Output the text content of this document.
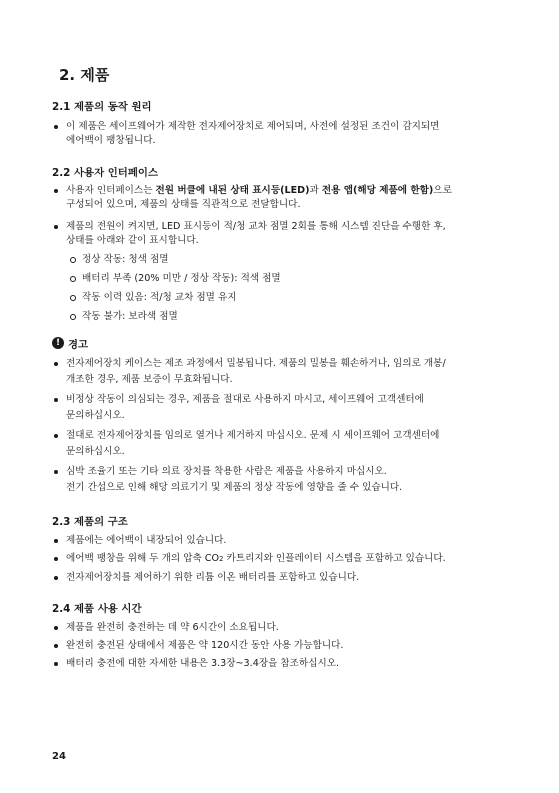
2. 제품
2.1 제품의 동작 원리
이 제품은 세이프웨어가 제작한 전자제어장치로 제어되며, 사전에 설정된 조건이 감지되면
에어백이 팽창됩니다.
2.2 사용자 인터페이스
사용자 인터페이스는 전원 버클에 내된 상태 표시등(LED)과 전용 앱(해당 제품에 한함)으로
구성되어 있으며, 제품의 상태를 직관적으로 전달합니다.
제품의 전원이 켜지면, LED 표시등이 적/청 교차 점멸 2회를 통해 시스템 진단을 수행한 후,
상태를 아래와 같이 표시합니다.
정상 작동: 청색 점멸
배터리 부족 (20% 미만 / 정상 작동): 적색 점멸
작동 이력 있음: 적/청 교차 점멸 유지
작동 불가: 보라색 점멸
! 경고
전자제어장치 케이스는 제조 과정에서 밀봉됩니다. 제품의 밀봉을 훼손하거나, 임의로 개봉/
개조한 경우, 제품 보증이 무효화됩니다.
비정상 작동이 의심되는 경우, 제품을 절대로 사용하지 마시고, 세이프웨어 고객센터에
문의하십시오.
절대로 전자제어장치를 임의로 열거나 제거하지 마십시오. 문제 시 세이프웨어 고객센터에
문의하십시오.
심박 조율기 또는 기타 의료 장치를 착용한 사람은 제품을 사용하지 마십시오.
전기 간섭으로 인해 해당 의료기기 및 제품의 정상 작동에 영향을 줄 수 있습니다.
2.3 제품의 구조
제품에는 에어백이 내장되어 있습니다.
에어백 팽창을 위해 두 개의 압축 CO2 카트리지와 인플레이터 시스템을 포함하고 있습니다.
전자제어장치를 제어하기 위한 리튬 이온 배터리를 포함하고 있습니다.
2.4 제품 사용 시간
제품을 완전히 충전하는 데 약 6시간이 소요됩니다.
완전히 충전된 상태에서 제품은 약 120시간 동안 사용 가능합니다.
배터리 충전에 대한 자세한 내용은 3.3장~3.4장을 참조하십시오.
24
